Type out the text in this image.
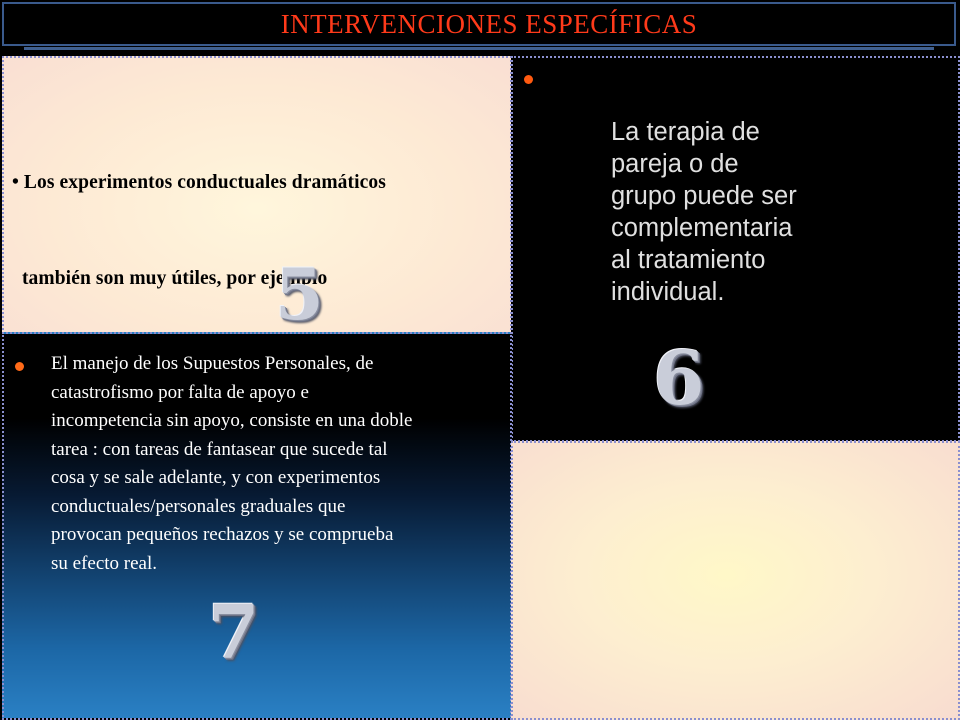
INTERVENCIONES ESPECÍFICAS

• Los experimentos conductuales dramáticos

también son muy útiles, por ejemplo

5
La terapia de
pareja o de
grupo puede ser
complementaria
al tratamiento
individual.
6
El manejo de los Supuestos Personales, de
catastrofismo por falta de apoyo e
incompetencia sin apoyo, consiste en una doble
tarea : con tareas de fantasear que sucede tal
cosa y se sale adelante, y con experimentos
conductuales/personales graduales que
provocan pequeños rechazos y se comprueba
su efecto real.
7
